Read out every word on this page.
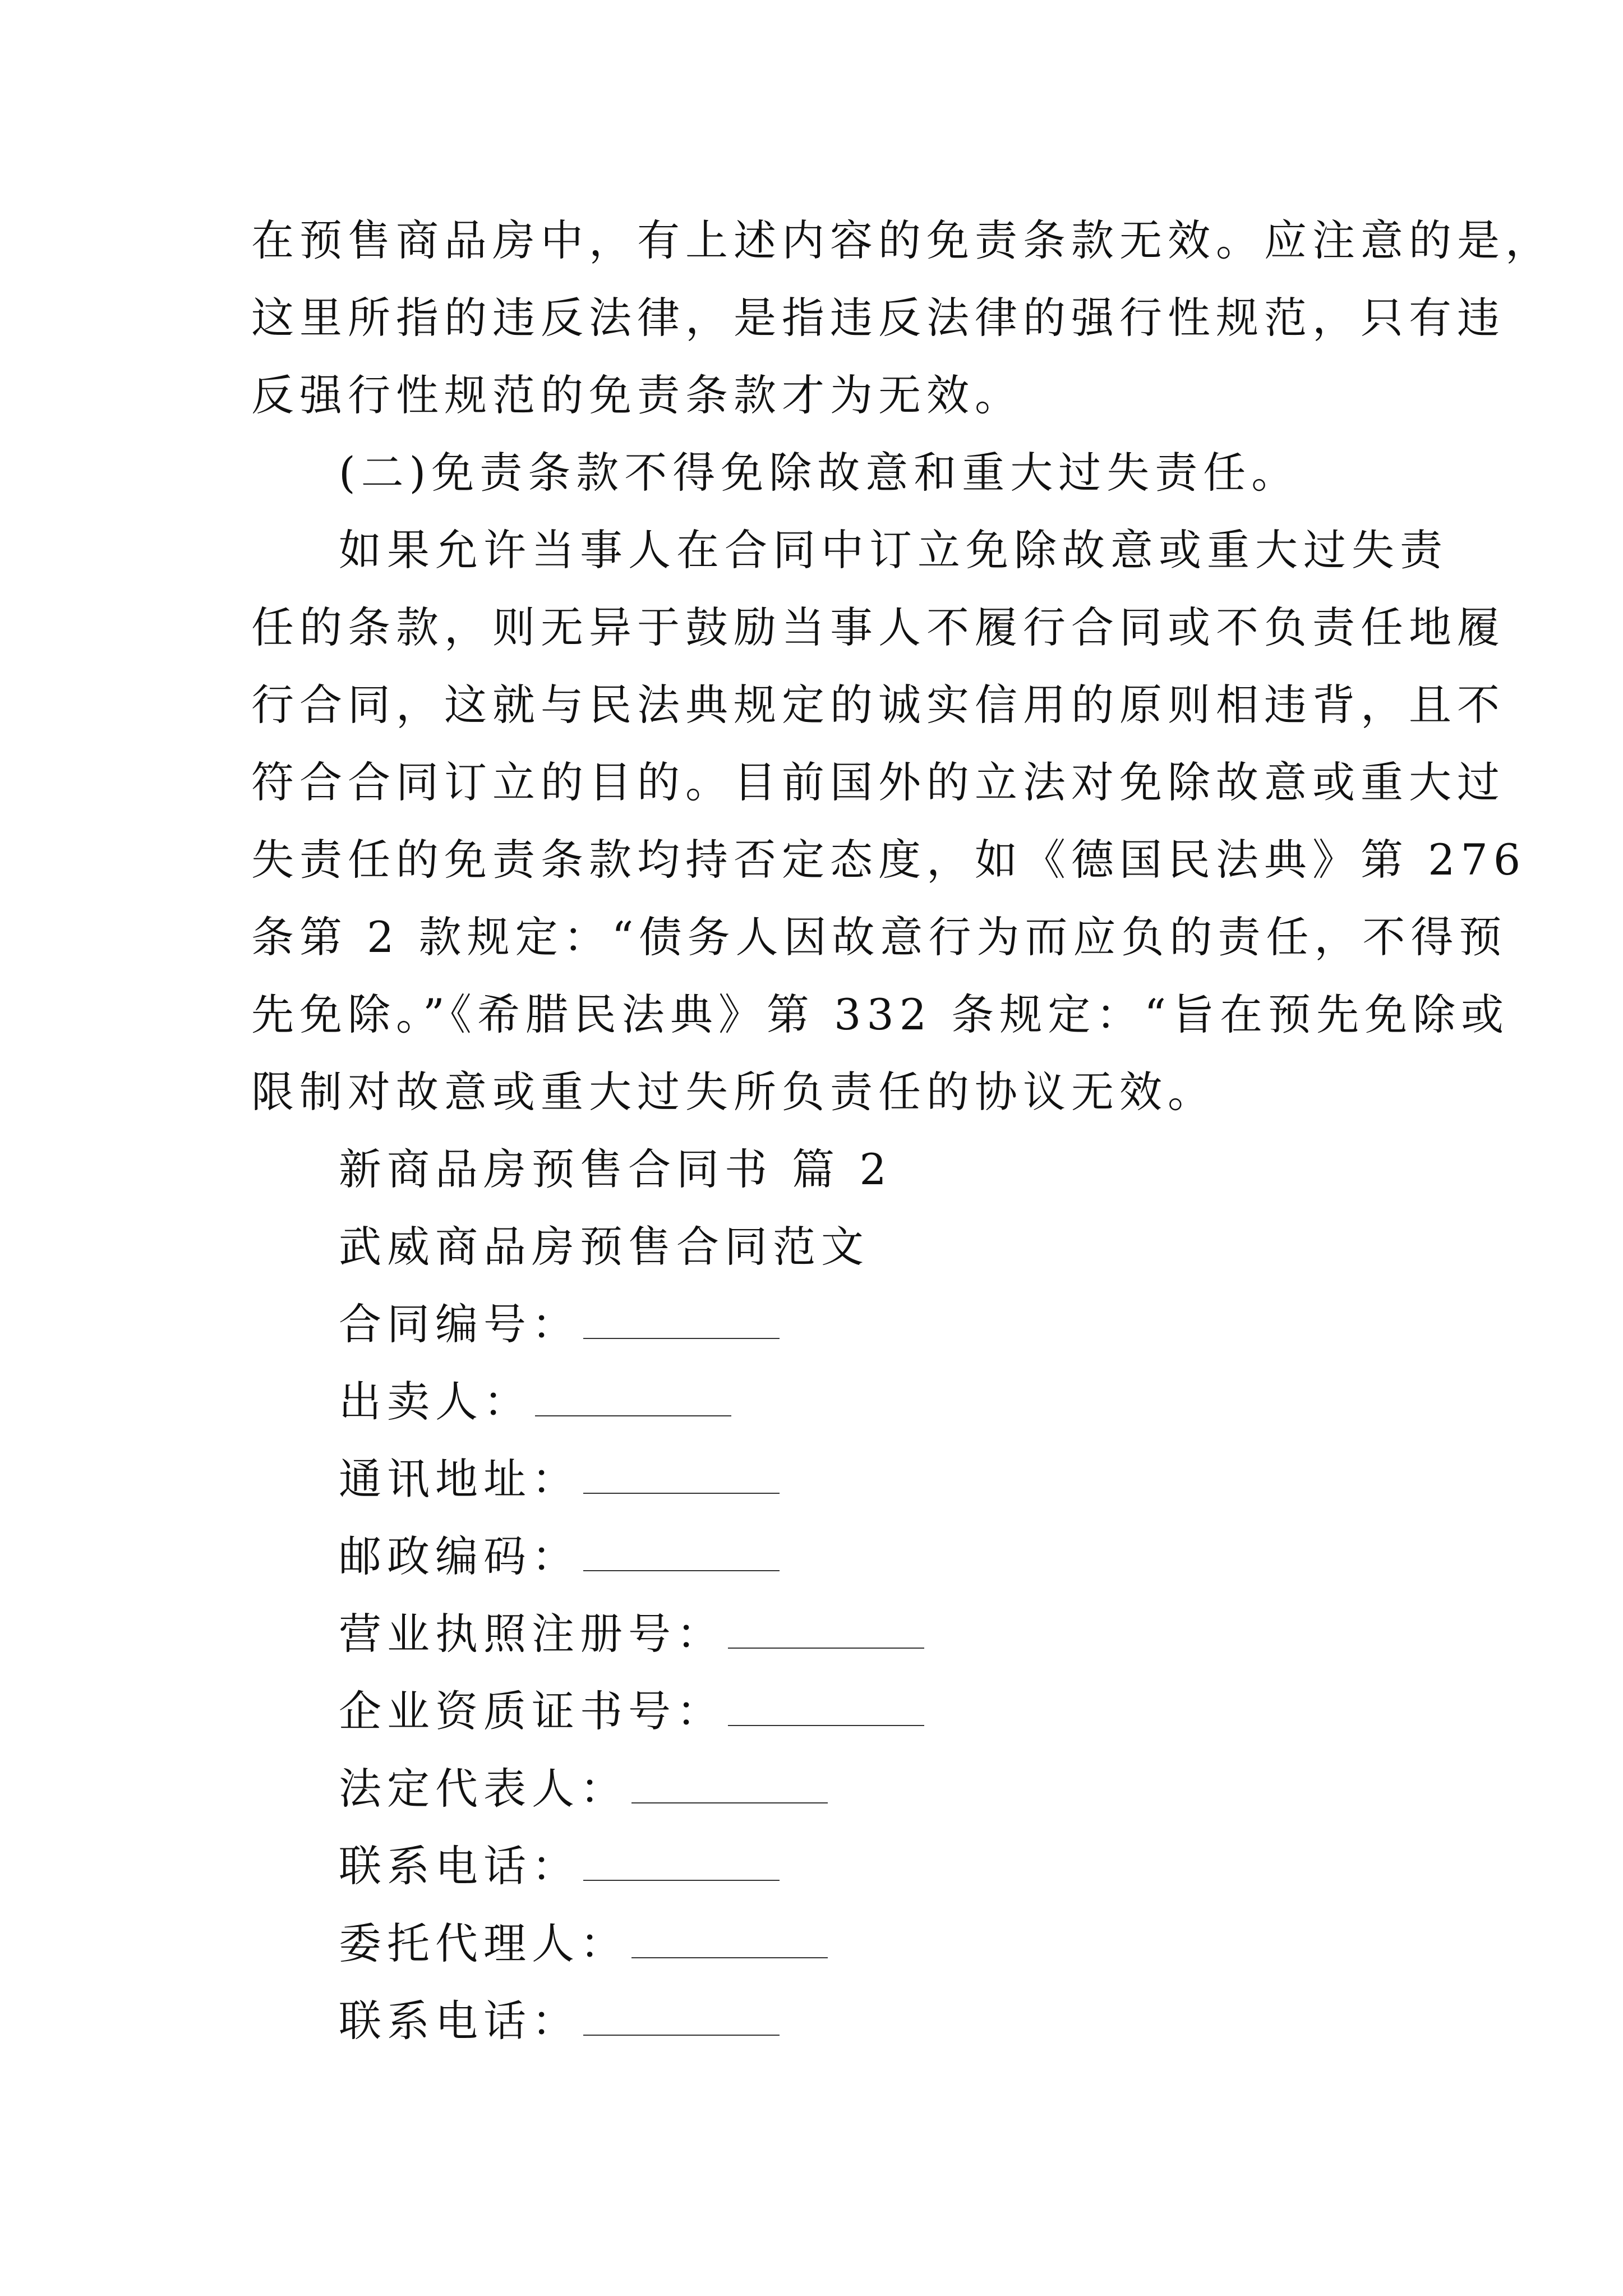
在预售商品房中，有上述内容的免责条款无效。应注意的是，
这里所指的违反法律，是指违反法律的强行性规范，只有违
反强行性规范的免责条款才为无效。
(二)免责条款不得免除故意和重大过失责任。
如果允许当事人在合同中订立免除故意或重大过失责
任的条款，则无异于鼓励当事人不履行合同或不负责任地履
行合同，这就与民法典规定的诚实信用的原则相违背，且不
符合合同订立的目的。目前国外的立法对免除故意或重大过
失责任的免责条款均持否定态度，如《德国民法典》第 276
条第 2 款规定：“债务人因故意行为而应负的责任，不得预
先免除。”《希腊民法典》第 332 条规定：“旨在预先免除或
限制对故意或重大过失所负责任的协议无效。
新商品房预售合同书 篇 2
武威商品房预售合同范文
合同编号：
出卖人：
通讯地址：
邮政编码：
营业执照注册号：
企业资质证书号：
法定代表人：
联系电话：
委托代理人：
联系电话：
